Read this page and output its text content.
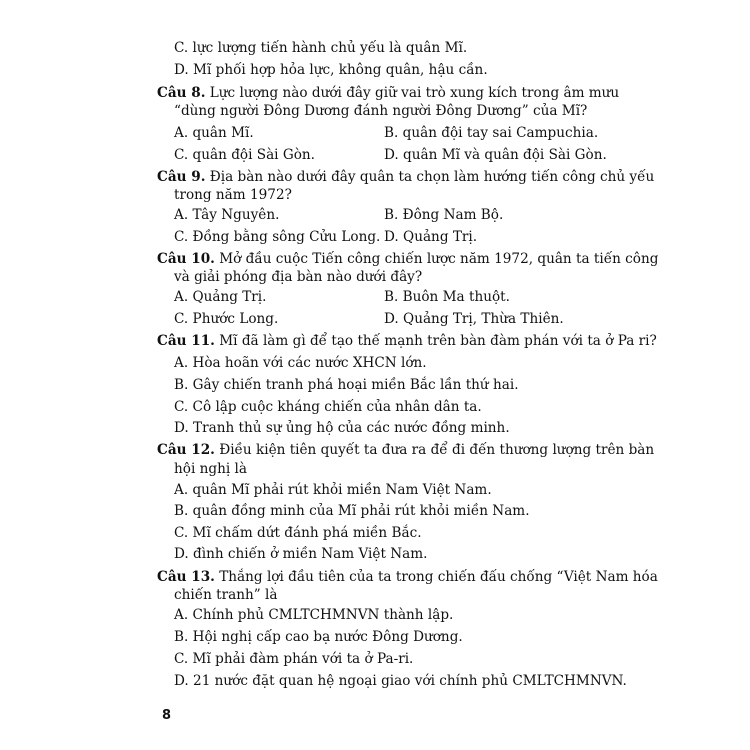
C. lực lượng tiến hành chủ yếu là quân Mĩ.
D. Mĩ phối hợp hỏa lực, không quân, hậu cần.
Câu 8. Lực lượng nào dưới đây giữ vai trò xung kích trong âm mưu
“dùng người Đông Dương đánh người Đông Dương” của Mĩ?
A. quân Mĩ.	B. quân đội tay sai Campuchia.
C. quân đội Sài Gòn.	D. quân Mĩ và quân đội Sài Gòn.
Câu 9. Địa bàn nào dưới đây quân ta chọn làm hướng tiến công chủ yếu
trong năm 1972?
A. Tây Nguyên.	B. Đông Nam Bộ.
C. Đồng bằng sông Cửu Long. D. Quảng Trị.
Câu 10. Mở đầu cuộc Tiến công chiến lược năm 1972, quân ta tiến công
và giải phóng địa bàn nào dưới đây?
A. Quảng Trị.	B. Buôn Ma thuột.
C. Phước Long.	D. Quảng Trị, Thừa Thiên.
Câu 11. Mĩ đã làm gì để tạo thế mạnh trên bàn đàm phán với ta ở Pa ri?
A. Hòa hoãn với các nước XHCN lớn.
B. Gây chiến tranh phá hoại miền Bắc lần thứ hai.
C. Cô lập cuộc kháng chiến của nhân dân ta.
D. Tranh thủ sự ủng hộ của các nước đồng minh.
Câu 12. Điều kiện tiên quyết ta đưa ra để đi đến thương lượng trên bàn
hội nghị là
A. quân Mĩ phải rút khỏi miền Nam Việt Nam.
B. quân đồng minh của Mĩ phải rút khỏi miền Nam.
C. Mĩ chấm dứt đánh phá miền Bắc.
D. đình chiến ở miền Nam Việt Nam.
Câu 13. Thắng lợi đầu tiên của ta trong chiến đấu chống “Việt Nam hóa
chiến tranh” là
A. Chính phủ CMLTCHMNVN thành lập.
B. Hội nghị cấp cao bạ nước Đông Dương.
C. Mĩ phải đàm phán với ta ở Pa-ri.
D. 21 nước đặt quan hệ ngoại giao với chính phủ CMLTCHMNVN.
8
